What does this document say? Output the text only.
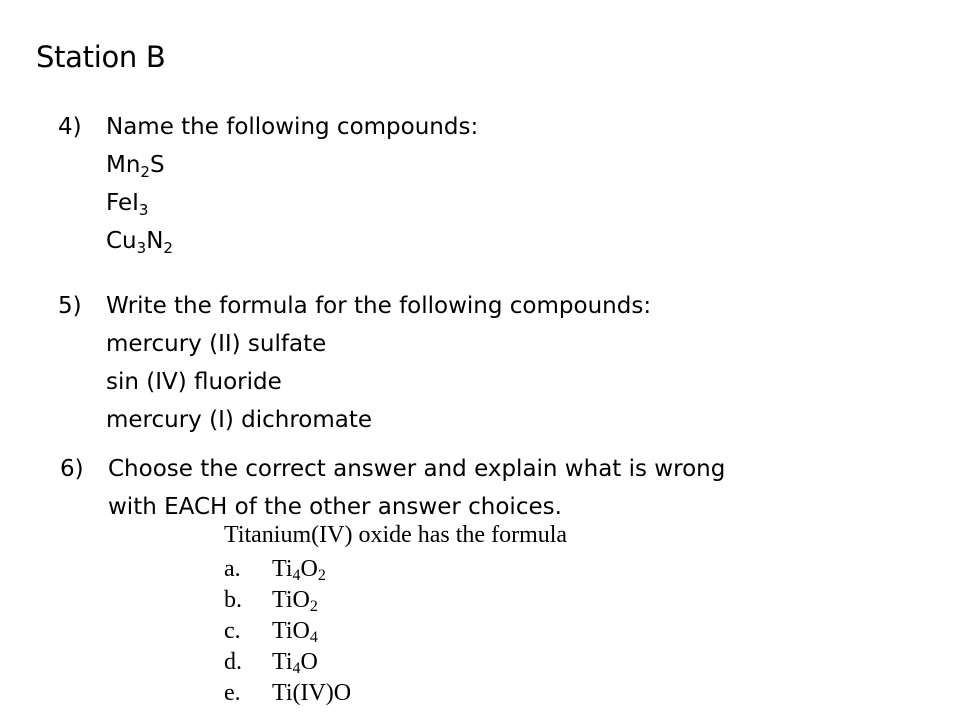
Station B
4) Name the following compounds:
$Mn_2S$
FeI$_3$
$Cu_3N_2$
5) Write the formula for the following compounds:
mercury (II) sulfate
sin (IV) fluoride
mercury (I) dichromate
6) Choose the correct answer and explain what is wrong
with EACH of the other answer choices.
Titanium(IV) oxide has the formula
a. $Ti_4O_2$
b. TiO$_2$
c. TiO$_4$
d. $Ti_4O$
e. Ti(IV)O
